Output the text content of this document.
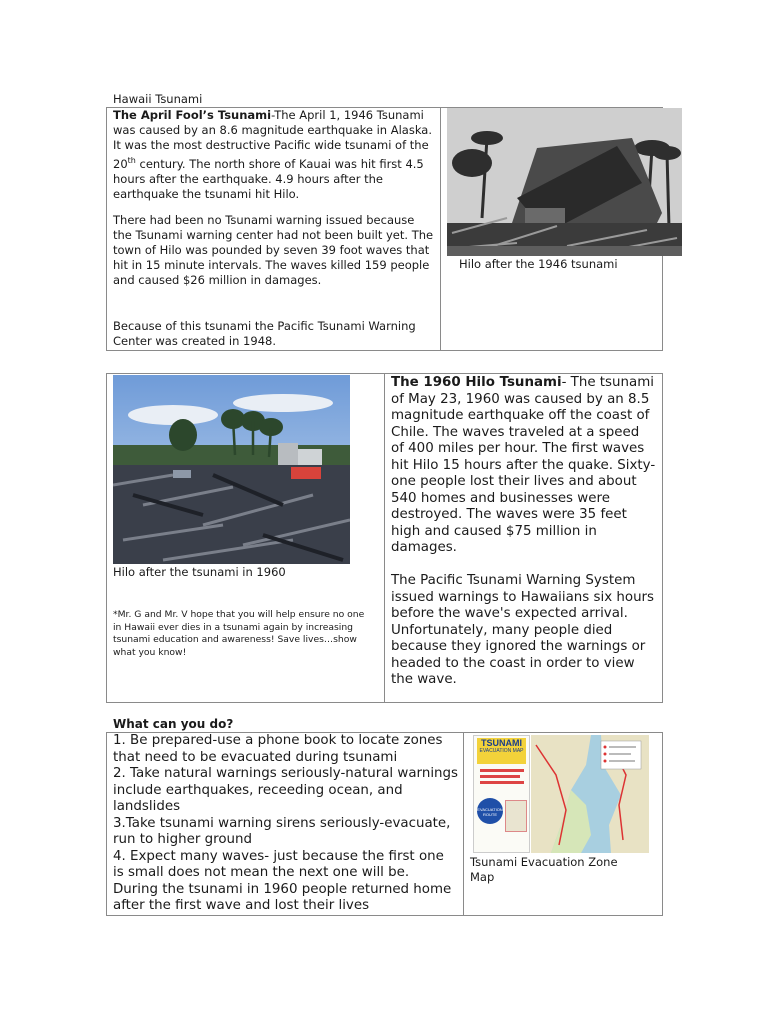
Hawaii Tsunami
The April Fool’s Tsunami-The April 1, 1946 Tsunami was caused by an 8.6 magnitude earthquake in Alaska. It was the most destructive Pacific wide tsunami of the 20th century. The north shore of Kauai was hit first 4.5 hours after the earthquake. 4.9 hours after the earthquake the tsunami hit Hilo.
There had been no Tsunami warning issued because the Tsunami warning center had not been built yet. The town of Hilo was pounded by seven 39 foot waves that hit in 15 minute intervals. The waves killed 159 people and caused $26 million in damages.
Because of this tsunami the Pacific Tsunami Warning Center was created in 1948.
Hilo after the 1946 tsunami
Hilo after the tsunami in 1960
*Mr. G and Mr. V hope that you will help ensure no one in Hawaii ever dies in a tsunami again by increasing tsunami education and awareness! Save lives…show what you know!
The 1960 Hilo Tsunami- The tsunami of May 23, 1960 was caused by an 8.5 magnitude earthquake off the coast of Chile. The waves traveled at a speed of 400 miles per hour. The first waves hit Hilo 15 hours after the quake. Sixty-one people lost their lives and about 540 homes and businesses were destroyed. The waves were 35 feet high and caused $75 million in damages.
The Pacific Tsunami Warning System issued warnings to Hawaiians six hours before the wave's expected arrival. Unfortunately, many people died because they ignored the warnings or headed to the coast in order to view the wave.
What can you do?
1. Be prepared-use a phone book to locate zones that need to be evacuated during tsunami
2. Take natural warnings seriously-natural warnings include earthquakes, receeding ocean, and landslides
3.Take tsunami warning sirens seriously-evacuate, run to higher ground
4. Expect many waves- just because the first one is small does not mean the next one will be. During the tsunami in 1960 people returned home after the first wave and lost their lives
TSUNAMI
EVACUATION MAP
EVACUATION ROUTE
Tsunami Evacuation Zone Map
